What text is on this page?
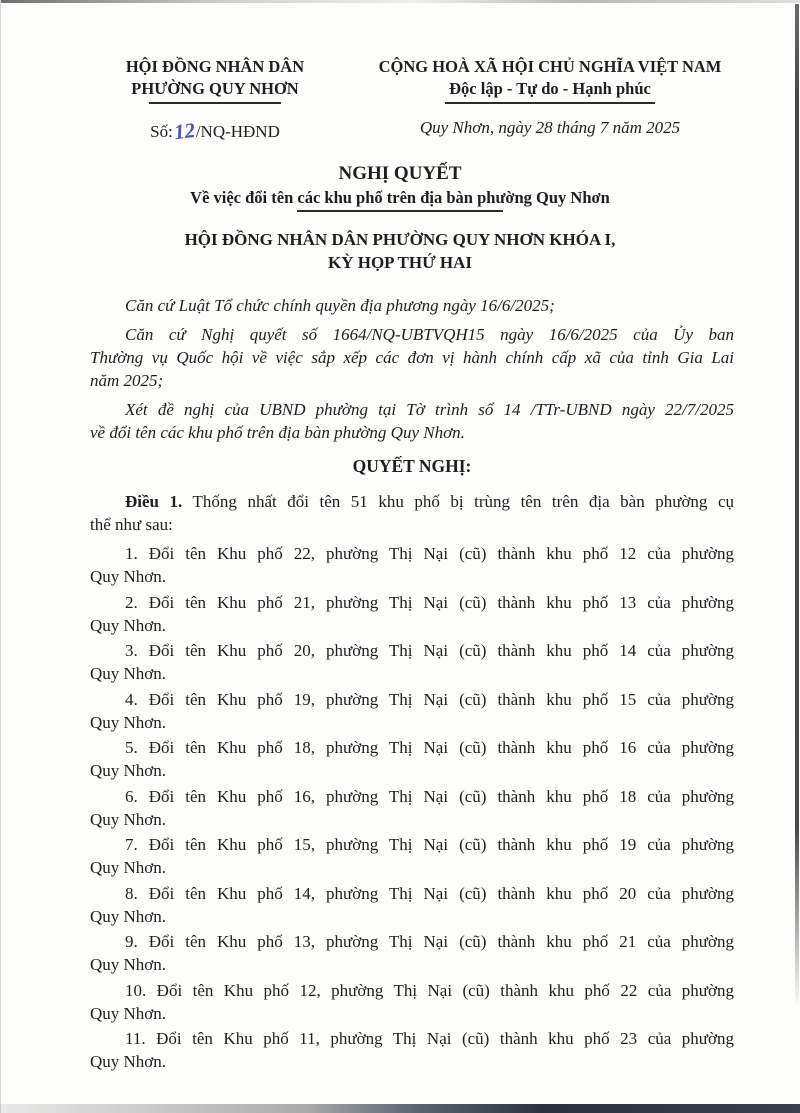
HỘI ĐỒNG NHÂN DÂN
PHƯỜNG QUY NHƠN
CỘNG HOÀ XÃ HỘI CHỦ NGHĨA VIỆT NAM
Độc lập - Tự do - Hạnh phúc
Số:12/NQ-HĐND	Quy Nhơn, ngày 28 tháng 7 năm 2025
NGHỊ QUYẾT
Về việc đổi tên các khu phố trên địa bàn phường Quy Nhơn
HỘI ĐỒNG NHÂN DÂN PHƯỜNG QUY NHƠN KHÓA I,
KỲ HỌP THỨ HAI
Căn cứ Luật Tổ chức chính quyền địa phương ngày 16/6/2025;
Căn cứ Nghị quyết số 1664/NQ-UBTVQH15 ngày 16/6/2025 của Ủy ban
Thường vụ Quốc hội về việc sắp xếp các đơn vị hành chính cấp xã của tỉnh Gia Lai
năm 2025;
Xét đề nghị của UBND phường tại Tờ trình số 14 /TTr-UBND ngày 22/7/2025
về đổi tên các khu phố trên địa bàn phường Quy Nhơn.
QUYẾT NGHỊ:
Điều 1. Thống nhất đổi tên 51 khu phố bị trùng tên trên địa bàn phường cụ
thể như sau:
1. Đổi tên Khu phố 22, phường Thị Nại (cũ) thành khu phố 12 của phường
Quy Nhơn.
2. Đổi tên Khu phố 21, phường Thị Nại (cũ) thành khu phố 13 của phường
Quy Nhơn.
3. Đổi tên Khu phố 20, phường Thị Nại (cũ) thành khu phố 14 của phường
Quy Nhơn.
4. Đổi tên Khu phố 19, phường Thị Nại (cũ) thành khu phố 15 của phường
Quy Nhơn.
5. Đổi tên Khu phố 18, phường Thị Nại (cũ) thành khu phố 16 của phường
Quy Nhơn.
6. Đổi tên Khu phố 16, phường Thị Nại (cũ) thành khu phố 18 của phường
Quy Nhơn.
7. Đổi tên Khu phố 15, phường Thị Nại (cũ) thành khu phố 19 của phường
Quy Nhơn.
8. Đổi tên Khu phố 14, phường Thị Nại (cũ) thành khu phố 20 của phường
Quy Nhơn.
9. Đổi tên Khu phố 13, phường Thị Nại (cũ) thành khu phố 21 của phường
Quy Nhơn.
10. Đổi tên Khu phố 12, phường Thị Nại (cũ) thành khu phố 22 của phường
Quy Nhơn.
11. Đổi tên Khu phố 11, phường Thị Nại (cũ) thành khu phố 23 của phường
Quy Nhơn.
